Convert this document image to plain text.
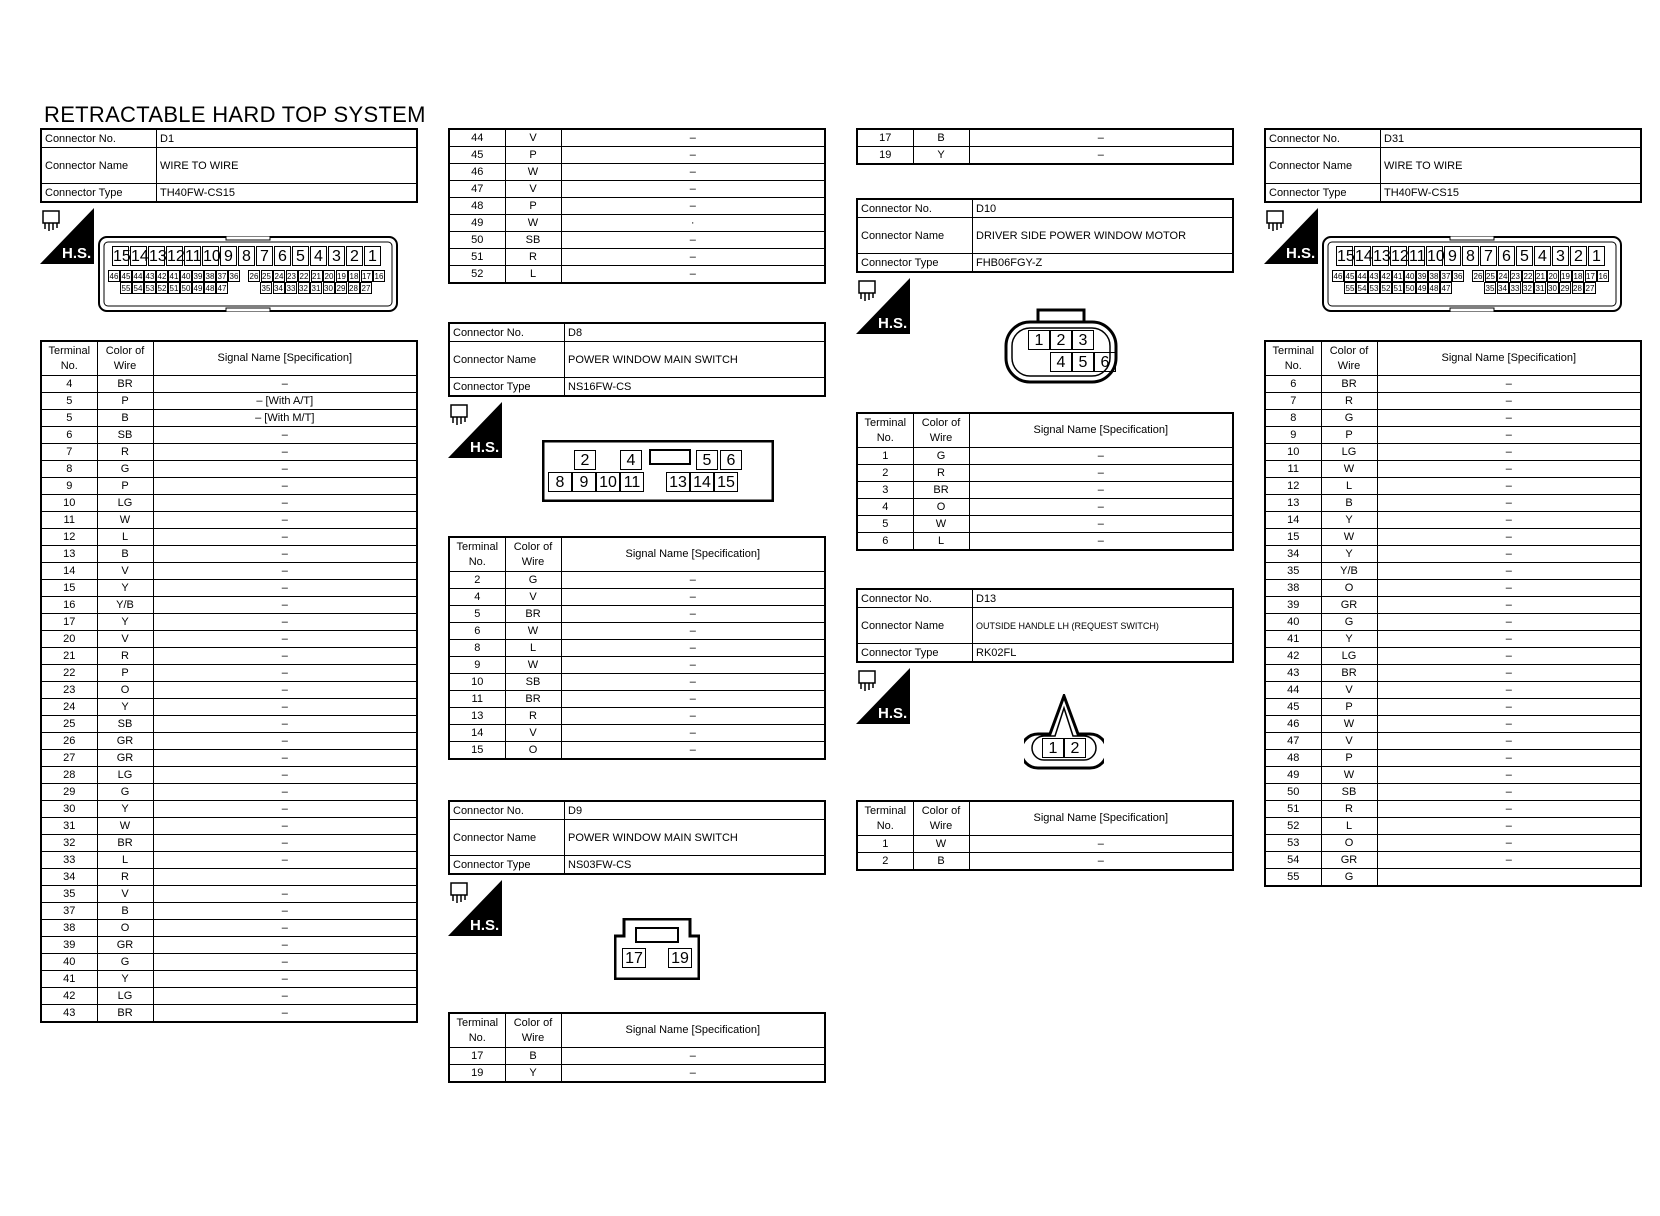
RETRACTABLE HARD TOP SYSTEM
Connector No.	D1
Connector Name	WIRE TO WIRE
Connector Type	TH40FW-CS15
H.S. 15 14 13 12 11 10 9 8 7 6 5 4 3 2 1
46 45 44 43 42 41 40 39 38 37 36 26 25 24 23 22 21 20 19 18 17 16
55 54 53 52 51 50 49 48 47	35 34 33 32 31 30 29 28 27
Terminal No.	Color of Wire	Signal Name [Specification]
4	BR	–
5	P	– [With A/T]
5	B	– [With M/T]
6	SB	–
7	R	–
8	G	–
9	P	–
10	LG	–
11	W	–
12	L	–
13	B	–
14	V	–
15	Y	–
16	Y/B	–
17	Y	–
20	V	–
21	R	–
22	P	–
23	O	–
24	Y	–
25	SB	–
26	GR	–
27	GR	–
28	LG	–
29	G	–
30	Y	–
31	W	–
32	BR	–
33	L	–
34	R	
35	V	–
37	B	–
38	O	–
39	GR	–
40	G	–
41	Y	–
42	LG	–
43	BR	–
44	V	–
45	P	–
46	W	–
47	V	–
48	P	–
49	W	·
50	SB	–
51	R	–
52	L	–
Connector No.	D8
Connector Name	POWER WINDOW MAIN SWITCH
Connector Type	NS16FW-CS
H.S.
2	4	5 6
8 9 10 11 13 14 15
Terminal No.	Color of Wire	Signal Name [Specification]
2	G	–
4	V	–
5	BR	–
6	W	–
8	L	–
9	W	–
10	SB	–
11	BR	–
13	R	–
14	V	–
15	O	–
Connector No.	D9
Connector Name	POWER WINDOW MAIN SWITCH
Connector Type	NS03FW-CS
H.S.
17 19
Terminal No.	Color of Wire	Signal Name [Specification]
17	B	–
19	Y	–
17	B	–
19	Y	–
Connector No.	D10
Connector Name	DRIVER SIDE POWER WINDOW MOTOR
Connector Type	FHB06FGY-Z
H.S.
1 2 3
4 5 6
Terminal No.	Color of Wire	Signal Name [Specification]
1	G	–
2	R	–
3	BR	–
4	O	–
5	W	–
6	L	–
Connector No.	D13
Connector Name	OUTSIDE HANDLE LH (REQUEST SWITCH)
Connector Type	RK02FL
H.S.
1 2
Terminal No.	Color of Wire	Signal Name [Specification]
1	W	–
2	B	–
Connector No.	D31
Connector Name	WIRE TO WIRE
Connector Type	TH40FW-CS15
H.S. 15 14 13 12 11 10 9 8 7 6 5 4 3 2 1
46 45 44 43 42 41 40 39 38 37 36 26 25 24 23 22 21 20 19 18 17 16
55 54 53 52 51 50 49 48 47	35 34 33 32 31 30 29 28 27
Terminal No.	Color of Wire	Signal Name [Specification]
6	BR	–
7	R	–
8	G	–
9	P	–
10	LG	–
11	W	–
12	L	–
13	B	–
14	Y	–
15	W	–
34	Y	–
35	Y/B	–
38	O	–
39	GR	–
40	G	–
41	Y	–
42	LG	–
43	BR	–
44	V	–
45	P	–
46	W	–
47	V	–
48	P	–
49	W	–
50	SB	–
51	R	–
52	L	–
53	O	–
54	GR	–
55	G	
